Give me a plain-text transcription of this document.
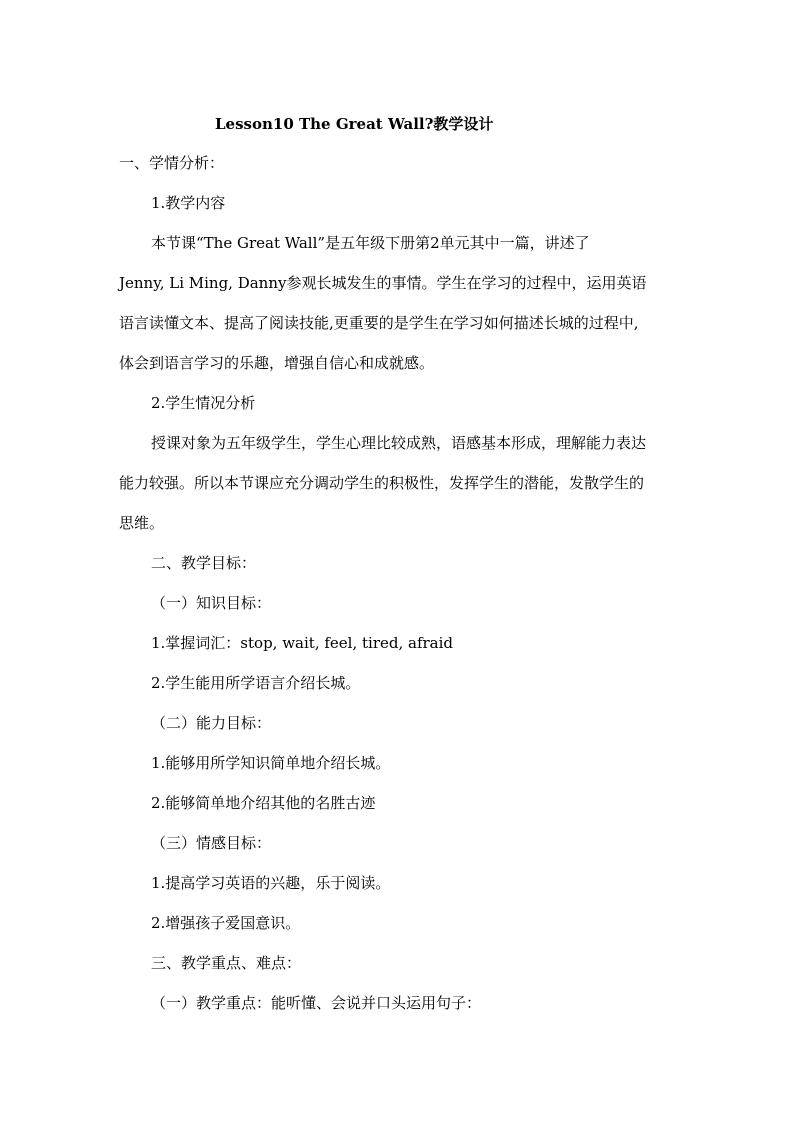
Lesson10 The Great Wall?教学设计
一、学情分析：
1.教学内容
本节课“The Great Wall”是五年级下册第2单元其中一篇，讲述了
Jenny, Li Ming, Danny参观长城发生的事情。学生在学习的过程中，运用英语
语言读懂文本、提高了阅读技能,更重要的是学生在学习如何描述长城的过程中,
体会到语言学习的乐趣，增强自信心和成就感。
2.学生情况分析
授课对象为五年级学生，学生心理比较成熟，语感基本形成，理解能力表达
能力较强。所以本节课应充分调动学生的积极性，发挥学生的潜能，发散学生的
思维。
二、教学目标：
（一）知识目标：
1.掌握词汇：stop, wait, feel, tired, afraid
2.学生能用所学语言介绍长城。
（二）能力目标：
1.能够用所学知识简单地介绍长城。
2.能够简单地介绍其他的名胜古迹
（三）情感目标：
1.提高学习英语的兴趣，乐于阅读。
2.增强孩子爱国意识。
三、教学重点、难点：
（一）教学重点：能听懂、会说并口头运用句子：
